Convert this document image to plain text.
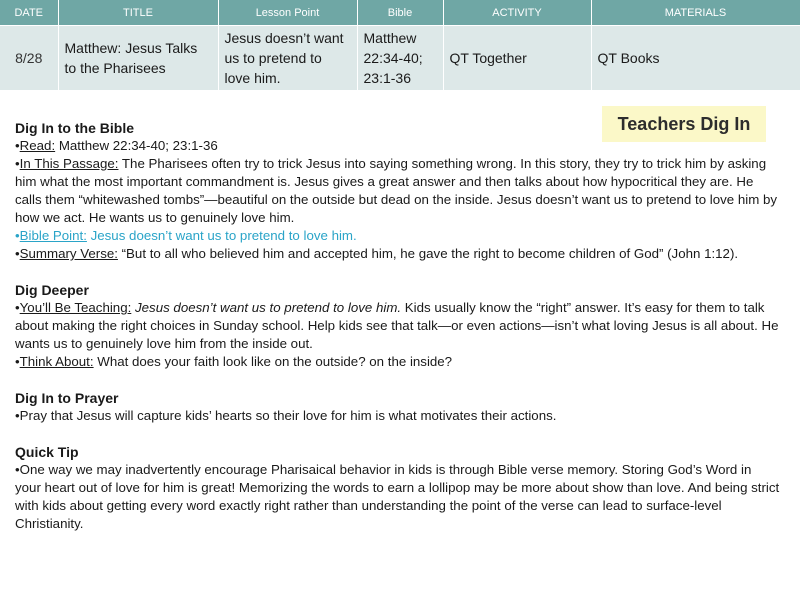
DATE	TITLE	Lesson Point	Bible	ACTIVITY	MATERIALS
8/28	Matthew: Jesus Talks to the Pharisees	Jesus doesn’t want us to pretend to love him.	Matthew 22:34-40; 23:1-36	QT Together	QT Books
Teachers Dig In
Dig In to the Bible

•Read: Matthew 22:34-40; 23:1-36

•In This Passage: The Pharisees often try to trick Jesus into saying something wrong. In this story, they try to trick him by asking him what the most important commandment is. Jesus gives a great answer and then talks about how hypocritical they are. He calls them “whitewashed tombs”—beautiful on the outside but dead on the inside. Jesus doesn’t want us to pretend to love him by how we act. He wants us to genuinely love him.

•Bible Point: Jesus doesn’t want us to pretend to love him.

•Summary Verse: “But to all who believed him and accepted him, he gave the right to become children of God” (John 1:12).

Dig Deeper

•You’ll Be Teaching: Jesus doesn’t want us to pretend to love him. Kids usually know the “right” answer. It’s easy for them to talk about making the right choices in Sunday school. Help kids see that talk—or even actions—isn’t what loving Jesus is all about. He wants us to genuinely love him from the inside out.

•Think About: What does your faith look like on the outside? on the inside?

Dig In to Prayer

•Pray that Jesus will capture kids’ hearts so their love for him is what motivates their actions.

Quick Tip

•One way we may inadvertently encourage Pharisaical behavior in kids is through Bible verse memory. Storing God’s Word in your heart out of love for him is great! Memorizing the words to earn a lollipop may be more about show than love. And being strict with kids about getting every word exactly right rather than understanding the point of the verse can lead to surface-level Christianity.
